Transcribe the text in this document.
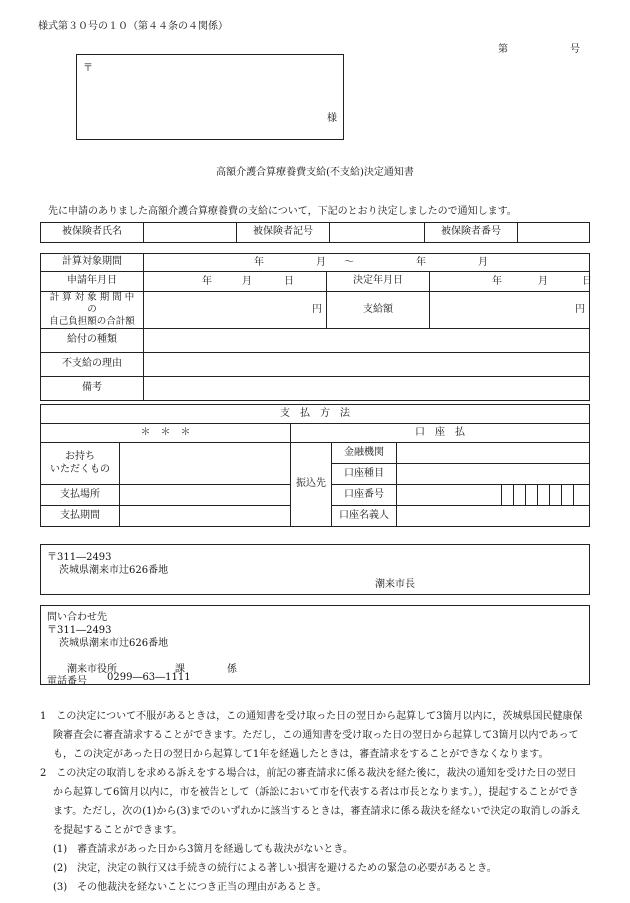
様式第３０号の１０（第４４条の４関係）
第	号
〒
様
高額介護合算療養費支給(不支給)決定通知書
先に申請のありました高額介護合算療養費の支給について，下記のとおり決定しましたので通知します。
被保険者氏名		被保険者記号		被保険者番号	
計算対象期間	年 月 ～ 年 月		

申請年月日	年 月 日	決定年月日	年 月 日

計 算 対 象 期 間 中 の
自己負担額の合計額	円	支給額	円
給付の種類			
不支給の理由			
備考			
支　払　方　法				
＊　＊　＊		口　座　払		

お持ち
いただくもの		振込先	金融機関	
			口座種目	
支払場所			口座番号	

支払期間			口座名義人	
〒311―2493
茨城県潮来市辻626番地
潮来市長
問い合わせ先
〒311―2493
茨城県潮来市辻626番地
潮来市役所	課	係
電話番号 0299―63―1111

1　この決定について不服があるときは，この通知書を受け取った日の翌日から起算して3箇月以内に，茨城県国民健康保

険審査会に審査請求することができます。ただし，この通知書を受け取った日の翌日から起算して3箇月以内であって

も，この決定があった日の翌日から起算して1年を経過したときは，審査請求をすることができなくなります。

2　この決定の取消しを求める訴えをする場合は，前記の審査請求に係る裁決を経た後に，裁決の通知を受けた日の翌日

から起算して6箇月以内に，市を被告として（訴訟において市を代表する者は市長となります。），提起することができ

ます。ただし，次の(1)から(3)までのいずれかに該当するときは，審査請求に係る裁決を経ないで決定の取消しの訴え

を提起することができます。

(1)　審査請求があった日から3箇月を経過しても裁決がないとき。

(2)　決定，決定の執行又は手続きの続行による著しい損害を避けるための緊急の必要があるとき。

(3)　その他裁決を経ないことにつき正当の理由があるとき。
